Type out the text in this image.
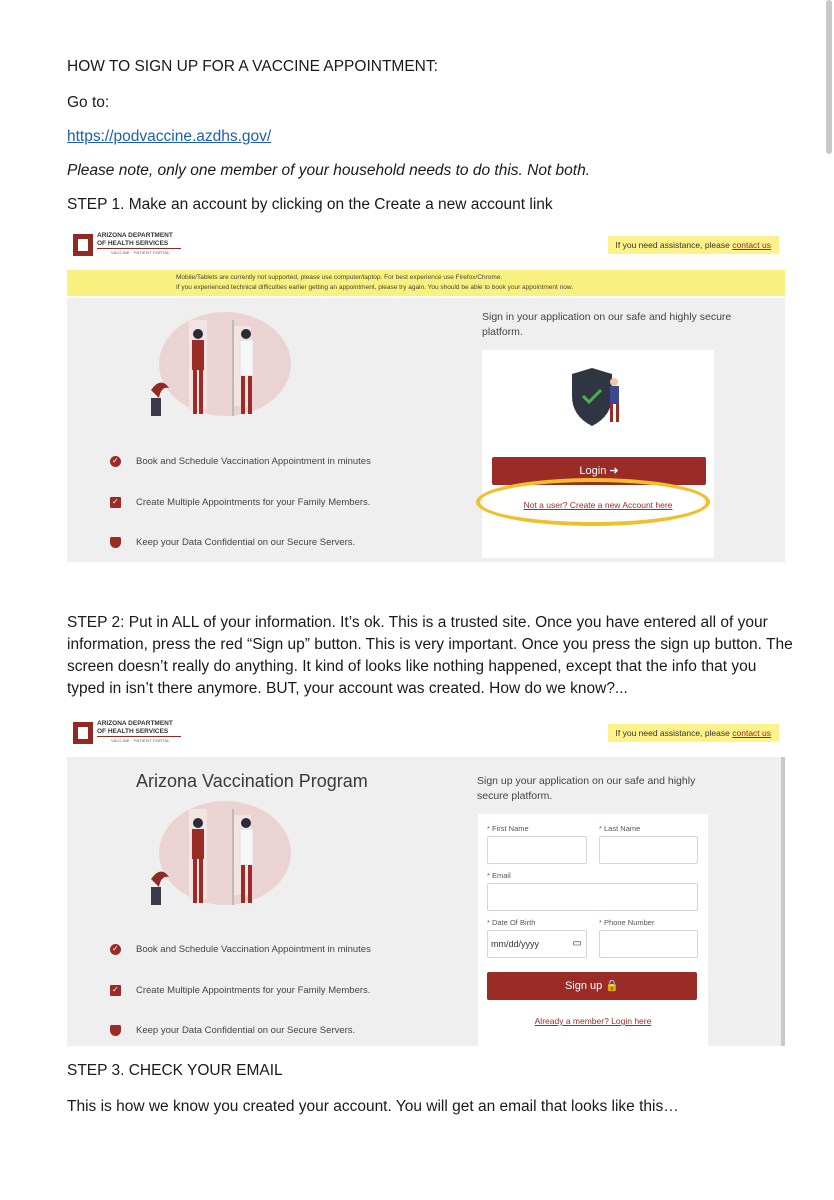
HOW TO SIGN UP FOR A VACCINE APPOINTMENT:

Go to:

https://podvaccine.azdhs.gov/

Please note, only one member of your household needs to do this. Not both.

STEP 1. Make an account by clicking on the Create a new account link

ARIZONA DEPARTMENT
OF HEALTH SERVICES
VACCINE · PATIENT PORTAL
If you need assistance, please contact us
Mobile/Tablets are currently not supported, please use computer/laptop. For best experience use Firefox/Chrome.
If you experienced technical difficulties earlier getting an appointment, please try again. You should be able to book your appointment now.
✓
Book and Schedule Vaccination Appointment in minutes
✓
Create Multiple Appointments for your Family Members.
Keep your Data Confidential on our Secure Servers.
Sign in your application on our safe and highly secure platform.
Login ➜
Not a user? Create a new Account here

STEP 2: Put in ALL of your information. It’s ok. This is a trusted site. Once you have entered all of your information, press the red “Sign up” button. This is very important. Once you press the sign up button. The screen doesn’t really do anything. It kind of looks like nothing happened, except that the info that you typed in isn’t there anymore. BUT, your account was created. How do we know?...

ARIZONA DEPARTMENT
OF HEALTH SERVICES
VACCINE · PATIENT PORTAL
If you need assistance, please contact us
Arizona Vaccination Program
✓
Book and Schedule Vaccination Appointment in minutes
✓
Create Multiple Appointments for your Family Members.
Keep your Data Confidential on our Secure Servers.
Sign up your application on our safe and highly secure platform.
* First Name	* Last Name
* Email
* Date Of Birth
mm/dd/yyyy	▭
* Phone Number
Sign up 🔒
Already a member? Login here

STEP 3. CHECK YOUR EMAIL

This is how we know you created your account. You will get an email that looks like this…
